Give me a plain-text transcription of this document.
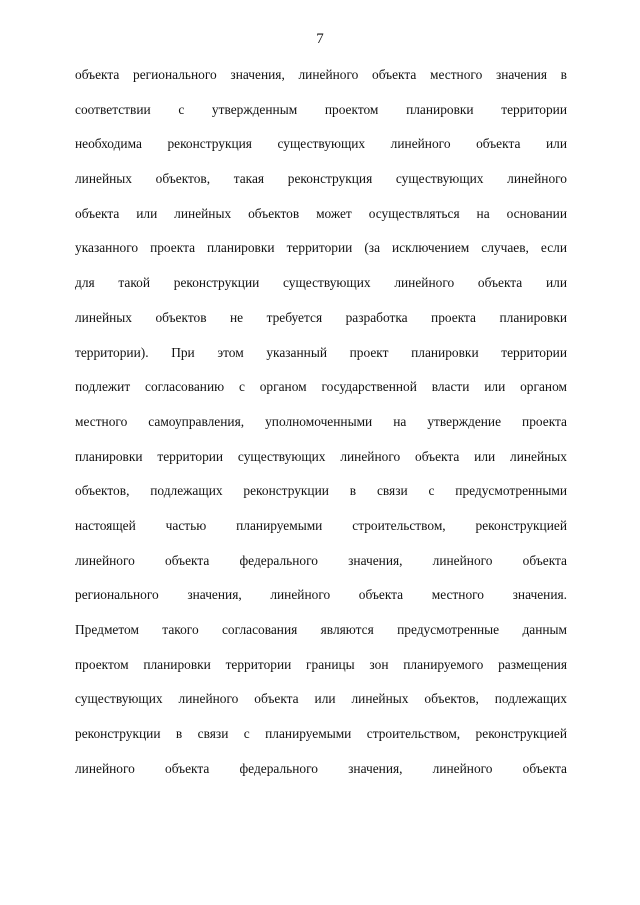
7
объекта регионального значения, линейного объекта местного значения в
соответствии с утвержденным проектом планировки территории
необходима реконструкция существующих линейного объекта или
линейных объектов, такая реконструкция существующих линейного
объекта или линейных объектов может осуществляться на основании
указанного проекта планировки территории (за исключением случаев, если
для такой реконструкции существующих линейного объекта или
линейных объектов не требуется разработка проекта планировки
территории). При этом указанный проект планировки территории
подлежит согласованию с органом государственной власти или органом
местного самоуправления, уполномоченными на утверждение проекта
планировки территории существующих линейного объекта или линейных
объектов, подлежащих реконструкции в связи с предусмотренными
настоящей частью планируемыми строительством, реконструкцией
линейного объекта федерального значения, линейного объекта
регионального значения, линейного объекта местного значения.
Предметом такого согласования являются предусмотренные данным
проектом планировки территории границы зон планируемого размещения
существующих линейного объекта или линейных объектов, подлежащих
реконструкции в связи с планируемыми строительством, реконструкцией
линейного объекта федерального значения, линейного объекта
